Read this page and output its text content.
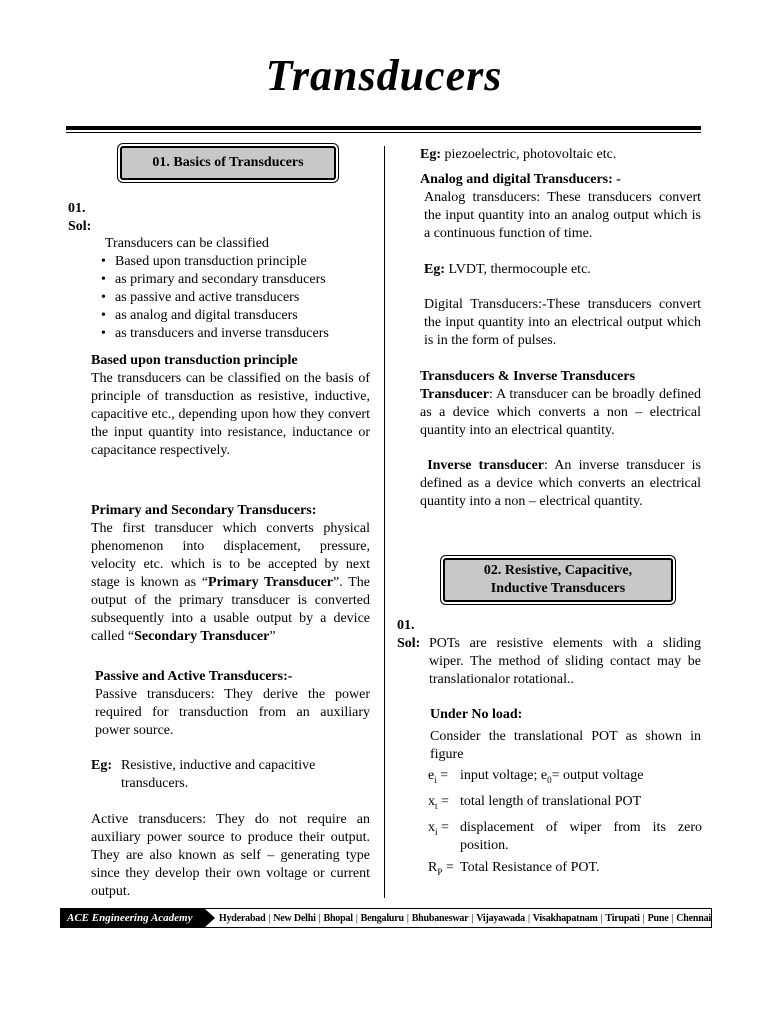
Transducers
01. Basics of Transducers
01.
Sol:
Transducers can be classified
• Based upon transduction principle
• as primary and secondary transducers
• as passive and active transducers
• as analog and digital transducers
• as transducers and inverse transducers
Based upon transduction principle
The transducers can be classified on the basis of principle of transduction as resistive, inductive, capacitive etc., depending upon how they convert the input quantity into resistance, inductance or capacitance respectively.
Primary and Secondary Transducers:
The first transducer which converts physical phenomenon into displacement, pressure, velocity etc. which is to be accepted by next stage is known as “Primary Transducer”. The output of the primary transducer is converted subsequently into a usable output by a device called “Secondary Transducer”
Passive and Active Transducers:-
Passive transducers: They derive the power required for transduction from an auxiliary power source.
Eg: Resistive, inductive and capacitive transducers.
Active transducers: They do not require an auxiliary power source to produce their output. They are also known as self – generating type since they develop their own voltage or current output.
Eg: piezoelectric, photovoltaic etc.
Analog and digital Transducers: -
Analog transducers: These transducers convert the input quantity into an analog output which is a continuous function of time.
Eg: LVDT, thermocouple etc.
Digital Transducers:-These transducers convert the input quantity into an electrical output which is in the form of pulses.
Transducers & Inverse Transducers
Transducer: A transducer can be broadly defined as a device which converts a non – electrical quantity into an electrical quantity.
Inverse transducer: An inverse transducer is defined as a device which converts an electrical quantity into a non – electrical quantity.
02. Resistive, Capacitive,
Inductive Transducers
01.
Sol: POTs are resistive elements with a sliding wiper. The method of sliding contact may be translationalor rotational..
Under No load:
Consider the translational POT as shown in figure
$e_i$ = input voltage; $e_0=$ output voltage
$x_t$ = total length of translational POT
$x_i$ = displacement of wiper from its zero position.
$R_P$ = Total Resistance of POT.
ACE Engineering Academy	Hyderabad | New Delhi | Bhopal | Bengaluru | Bhubaneswar | Vijayawada | Visakhapatnam | Tirupati | Pune | Chennai
